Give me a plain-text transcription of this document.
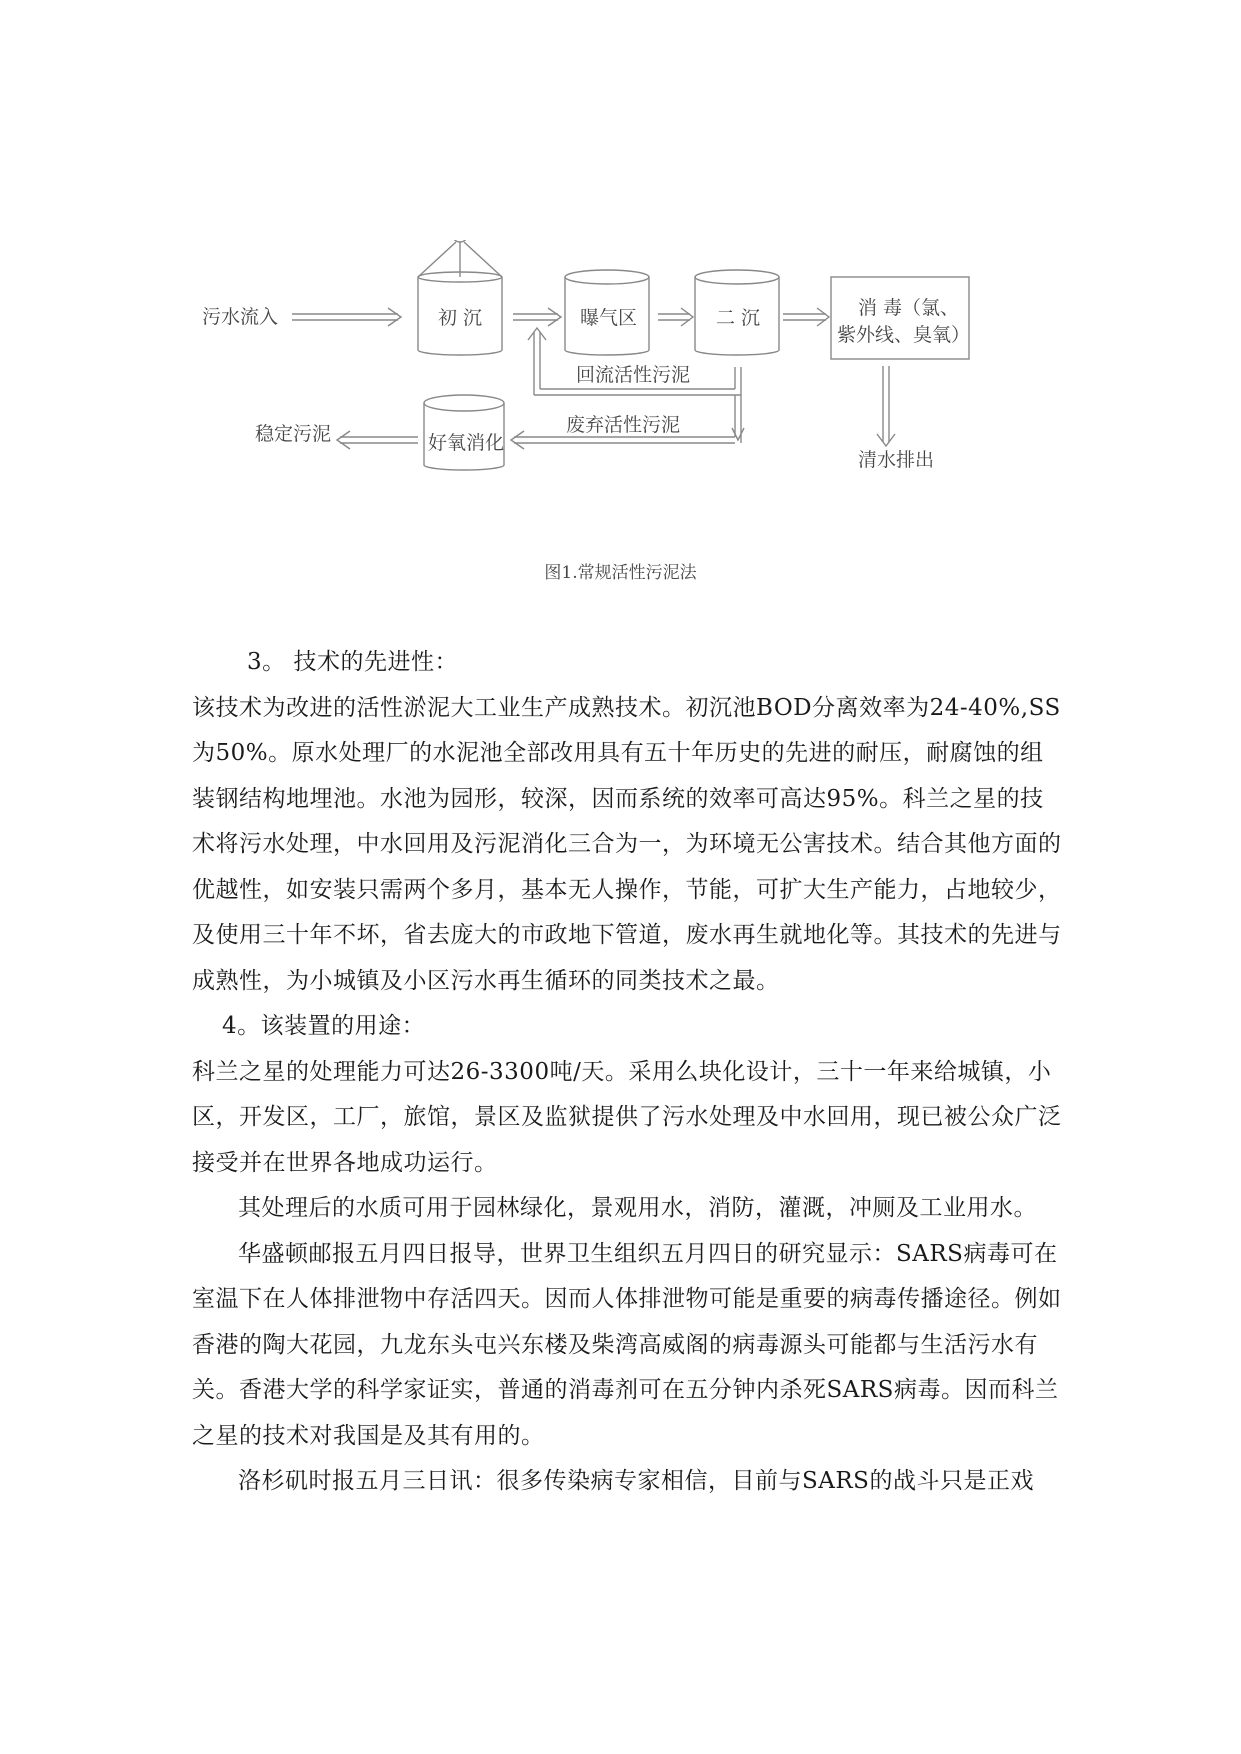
污水流入	初 沉	曝气区	二 沉	消 毒（氯、
紫外线、臭氧）
回流活性污泥
废弃活性污泥
好氧消化
稳定污泥
清水排出
图1.常规活性污泥法

3。 技术的先进性：

该技术为改进的活性淤泥大工业生产成熟技术。初沉池BOD分离效率为24-40%,SS为50%。原水处理厂的水泥池全部改用具有五十年历史的先进的耐压，耐腐蚀的组装钢结构地埋池。水池为园形，较深，因而系统的效率可高达95%。科兰之星的技术将污水处理，中水回用及污泥消化三合为一，为环境无公害技术。结合其他方面的优越性，如安装只需两个多月，基本无人操作，节能，可扩大生产能力，占地较少，及使用三十年不坏，省去庞大的市政地下管道，废水再生就地化等。其技术的先进与成熟性，为小城镇及小区污水再生循环的同类技术之最。

4。该装置的用途：

科兰之星的处理能力可达26-3300吨/天。采用么块化设计，三十一年来给城镇，小区，开发区，工厂，旅馆，景区及监狱提供了污水处理及中水回用，现已被公众广泛接受并在世界各地成功运行。

其处理后的水质可用于园林绿化，景观用水，消防，灌溉，冲厕及工业用水。

华盛顿邮报五月四日报导，世界卫生组织五月四日的研究显示：SARS病毒可在室温下在人体排泄物中存活四天。因而人体排泄物可能是重要的病毒传播途径。例如香港的陶大花园，九龙东头屯兴东楼及柴湾高威阁的病毒源头可能都与生活污水有关。香港大学的科学家证实，普通的消毒剂可在五分钟内杀死SARS病毒。因而科兰之星的技术对我国是及其有用的。

洛杉矶时报五月三日讯：很多传染病专家相信，目前与SARS的战斗只是正戏
